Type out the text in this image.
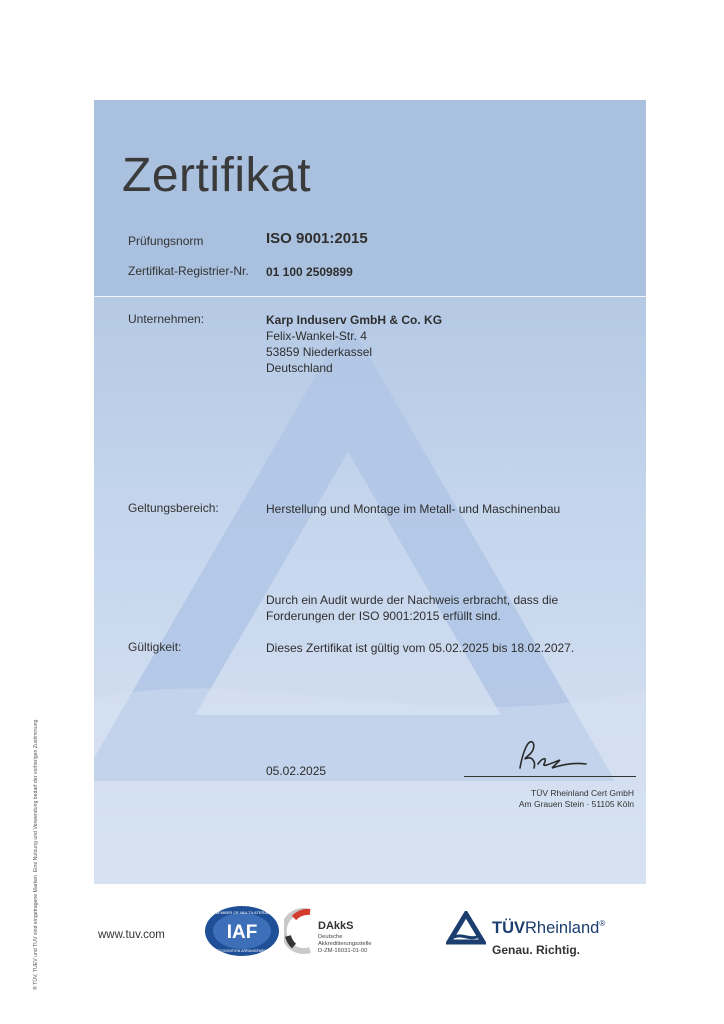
Zertifikat
Prüfungsnorm	ISO 9001:2015
Zertifikat-Registrier-Nr. 01 100 2509899
Unternehmen:	Karp Induserv GmbH & Co. KG
Felix-Wankel-Str. 4
53859 Niederkassel
Deutschland
Geltungsbereich:	Herstellung und Montage im Metall- und Maschinenbau
Durch ein Audit wurde der Nachweis erbracht, dass die
Forderungen der ISO 9001:2015 erfüllt sind.
Gültigkeit:	Dieses Zertifikat ist gültig vom 05.02.2025 bis 18.02.2027.
05.02.2025
TÜV Rheinland Cert GmbH
Am Grauen Stein · 51105 Köln
® TÜV, TUEV und TUV sind eingetragene Marken. Eine Nutzung und Verwendung bedarf der vorherigen Zustimmung.	www.tuv.com	IAF
MEMBER OF MULTILATERAL
RECOGNITION ARRANGEMENT
DAkkS
Deutsche
Akkreditierungsstelle
D-ZM-16031-01-00
TÜVRheinland®
Genau. Richtig.
